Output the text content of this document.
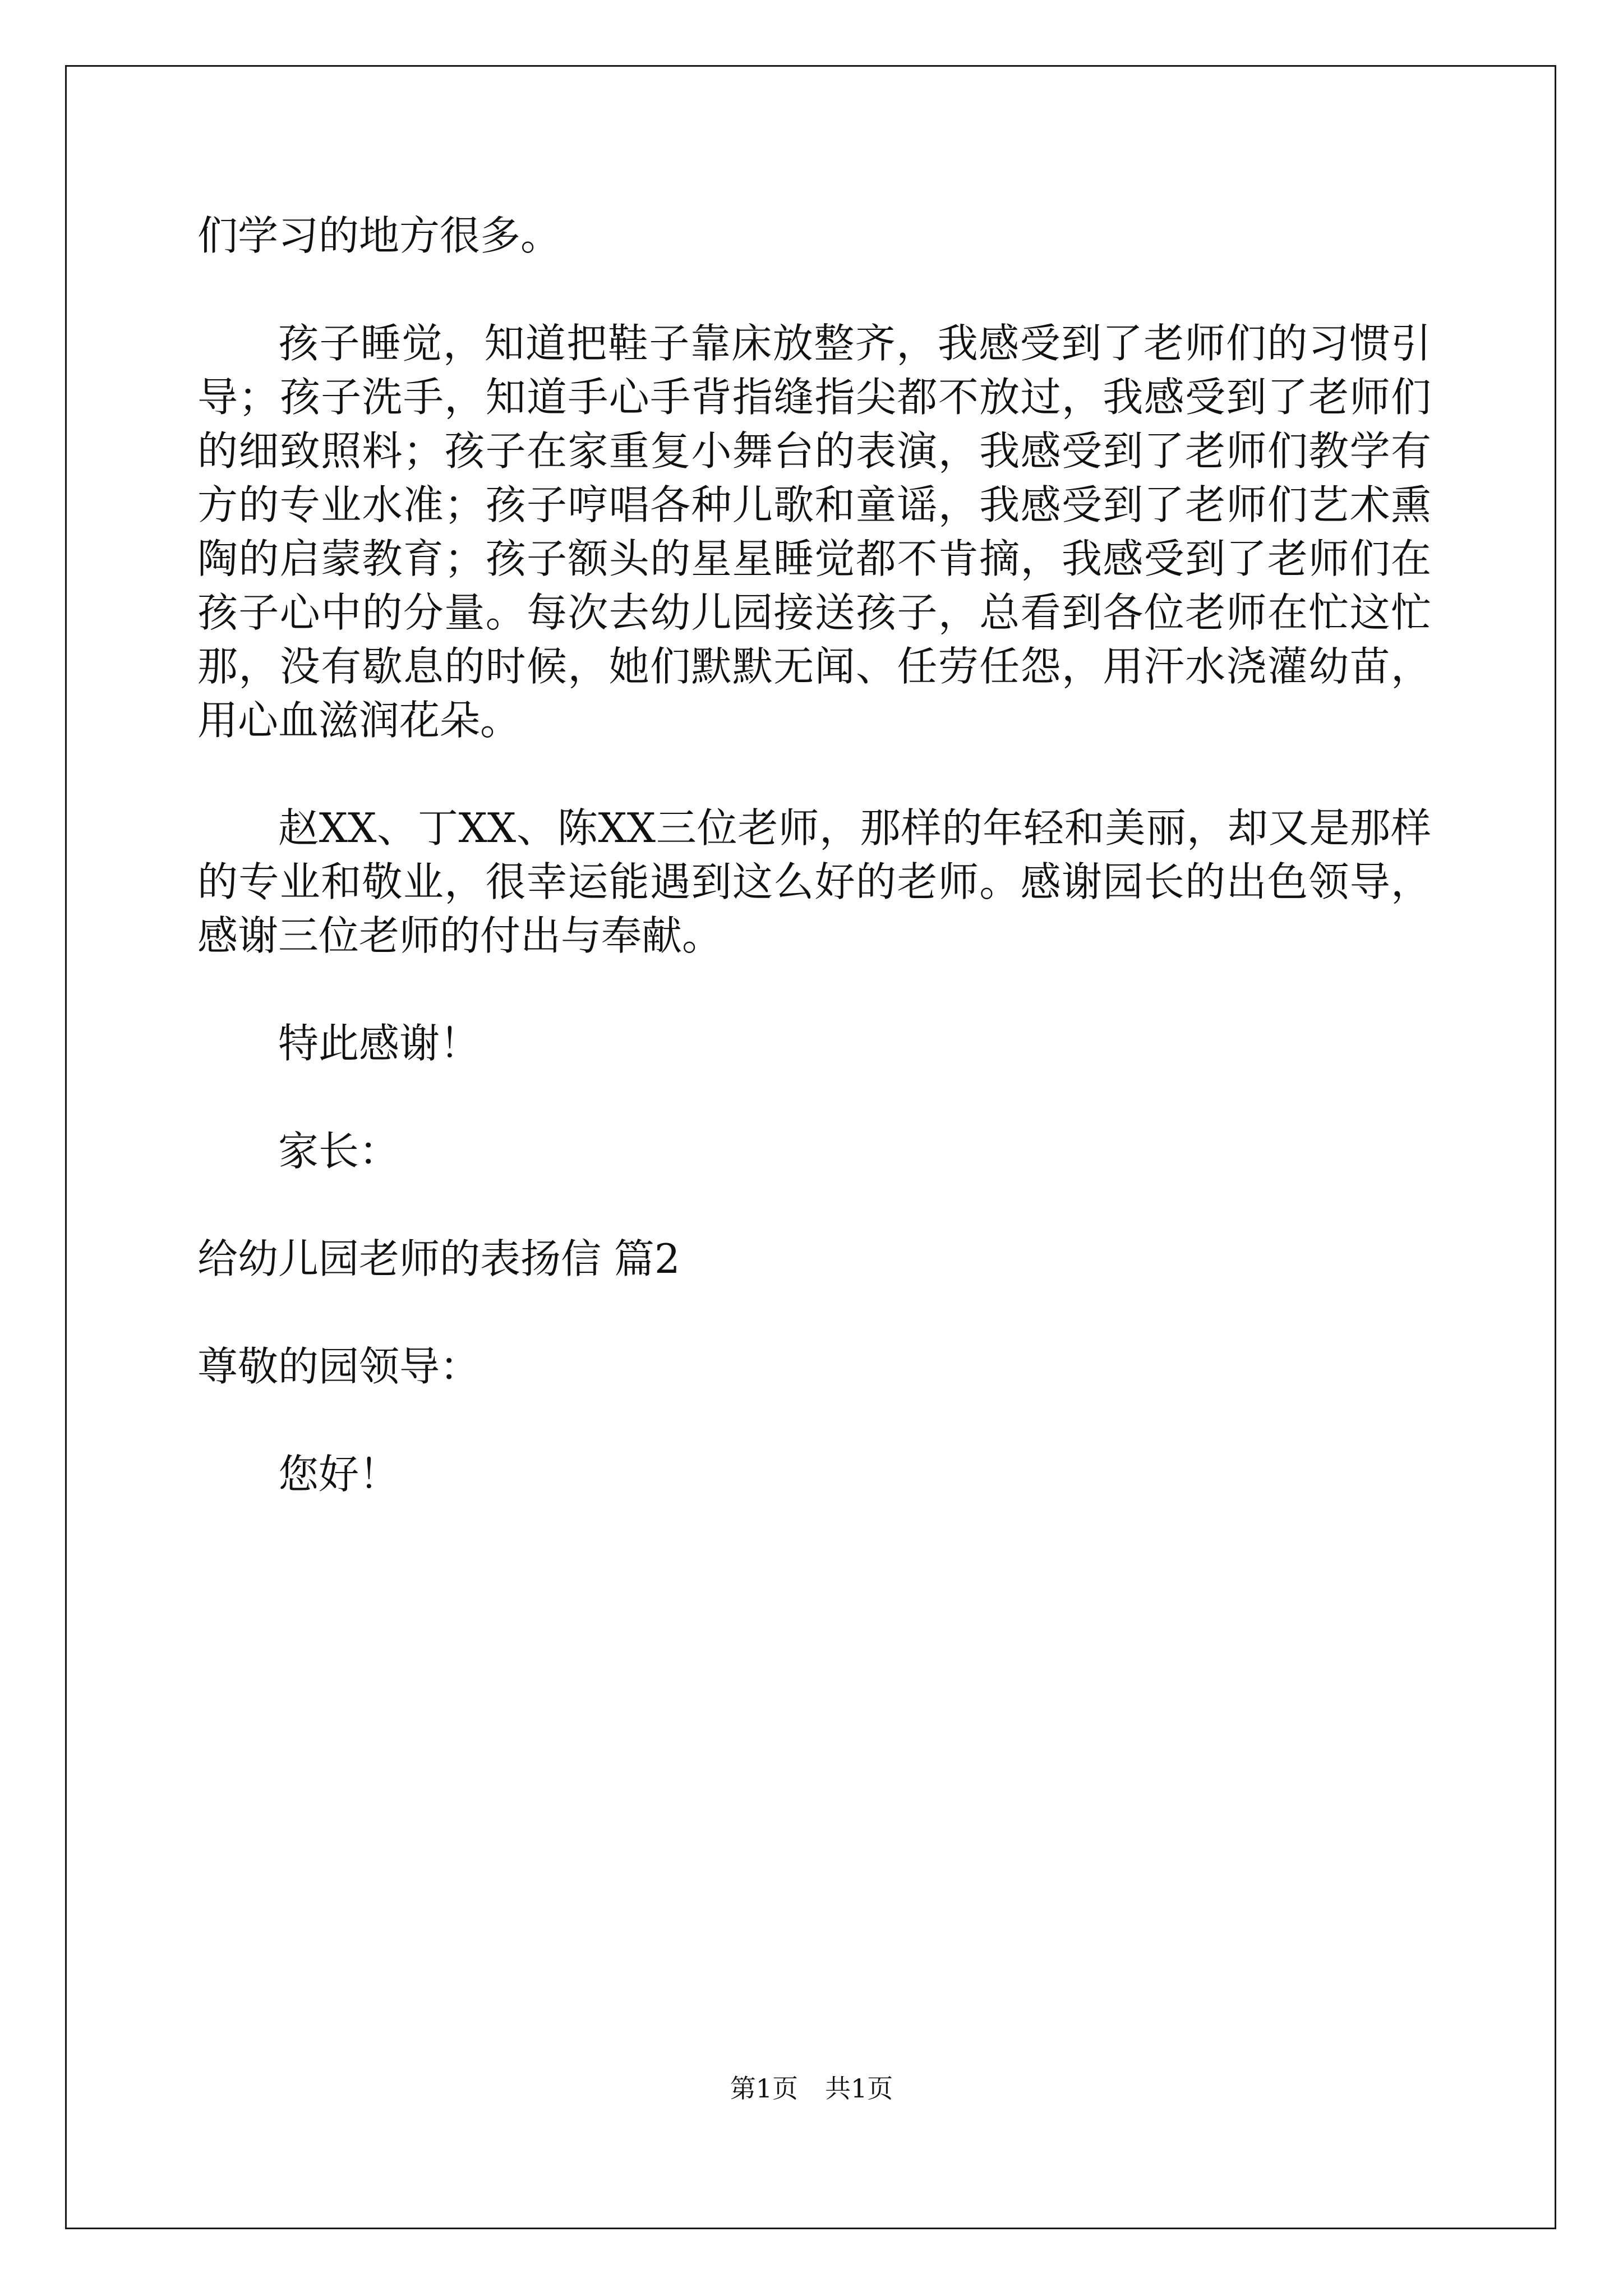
们学习的地方很多。

孩子睡觉，知道把鞋子靠床放整齐，我感受到了老师们的习惯引导；孩子洗手，知道手心手背指缝指尖都不放过，我感受到了老师们的细致照料；孩子在家重复小舞台的表演，我感受到了老师们教学有方的专业水准；孩子哼唱各种儿歌和童谣，我感受到了老师们艺术熏陶的启蒙教育；孩子额头的星星睡觉都不肯摘，我感受到了老师们在孩子心中的分量。每次去幼儿园接送孩子，总看到各位老师在忙这忙那，没有歇息的时候，她们默默无闻、任劳任怨，用汗水浇灌幼苗，用心血滋润花朵。

赵XX、丁XX、陈XX三位老师，那样的年轻和美丽，却又是那样的专业和敬业，很幸运能遇到这么好的老师。感谢园长的出色领导，感谢三位老师的付出与奉献。

特此感谢！

家长：

给幼儿园老师的表扬信 篇2

尊敬的园领导：

您好！

第1页 共1页
